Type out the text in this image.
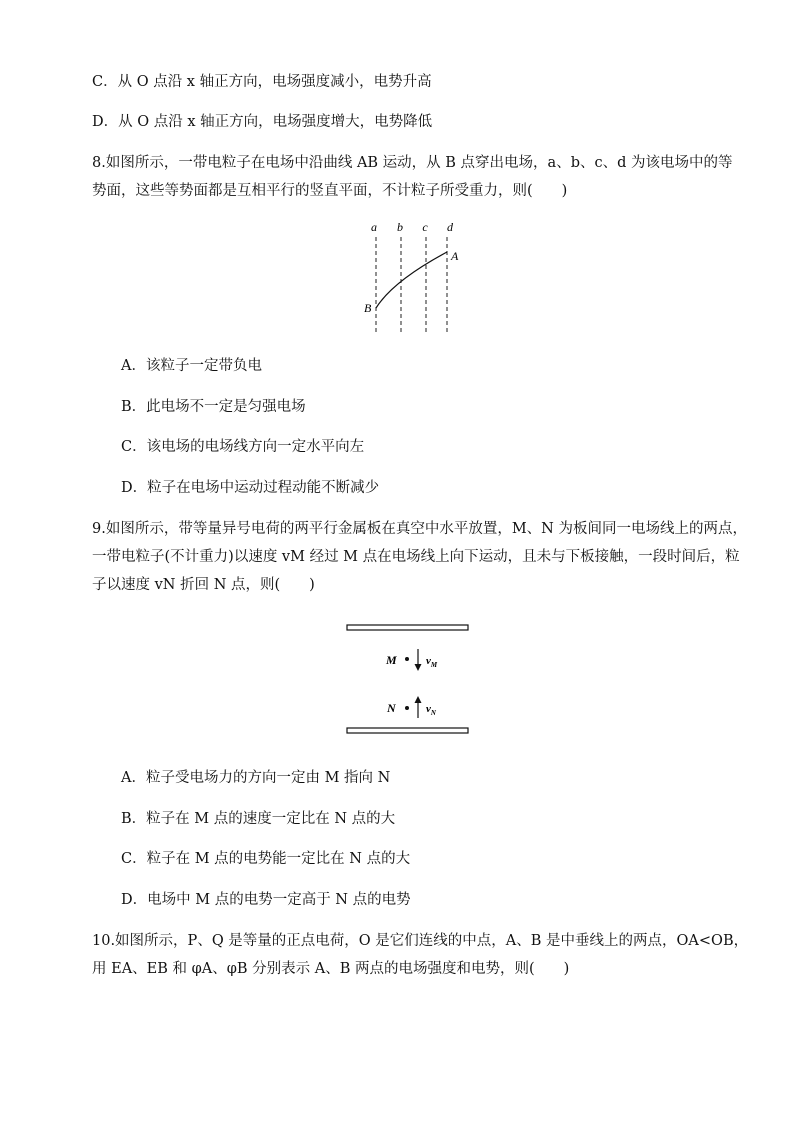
C．从 O 点沿 x 轴正方向，电场强度减小，电势升高
D．从 O 点沿 x 轴正方向，电场强度增大，电势降低
8.如图所示，一带电粒子在电场中沿曲线 AB 运动，从 B 点穿出电场，a、b、c、d 为该电场中的等
势面，这些等势面都是互相平行的竖直平面，不计粒子所受重力，则(　　)
a b c d
A
B
A．该粒子一定带负电
B．此电场不一定是匀强电场
C．该电场的电场线方向一定水平向左
D．粒子在电场中运动过程动能不断减少
9.如图所示，带等量异号电荷的两平行金属板在真空中水平放置，M、N 为板间同一电场线上的两点，
一带电粒子(不计重力)以速度 vM 经过 M 点在电场线上向下运动，且未与下板接触，一段时间后，粒
子以速度 vN 折回 N 点，则(　　)
M	$v_M$
N	$v_N$
A．粒子受电场力的方向一定由 M 指向 N
B．粒子在 M 点的速度一定比在 N 点的大
C．粒子在 M 点的电势能一定比在 N 点的大
D．电场中 M 点的电势一定高于 N 点的电势
10.如图所示，P、Q 是等量的正点电荷，O 是它们连线的中点，A、B 是中垂线上的两点，OA<OB，
用 EA、EB 和 φA、φB 分别表示 A、B 两点的电场强度和电势，则(　　)
